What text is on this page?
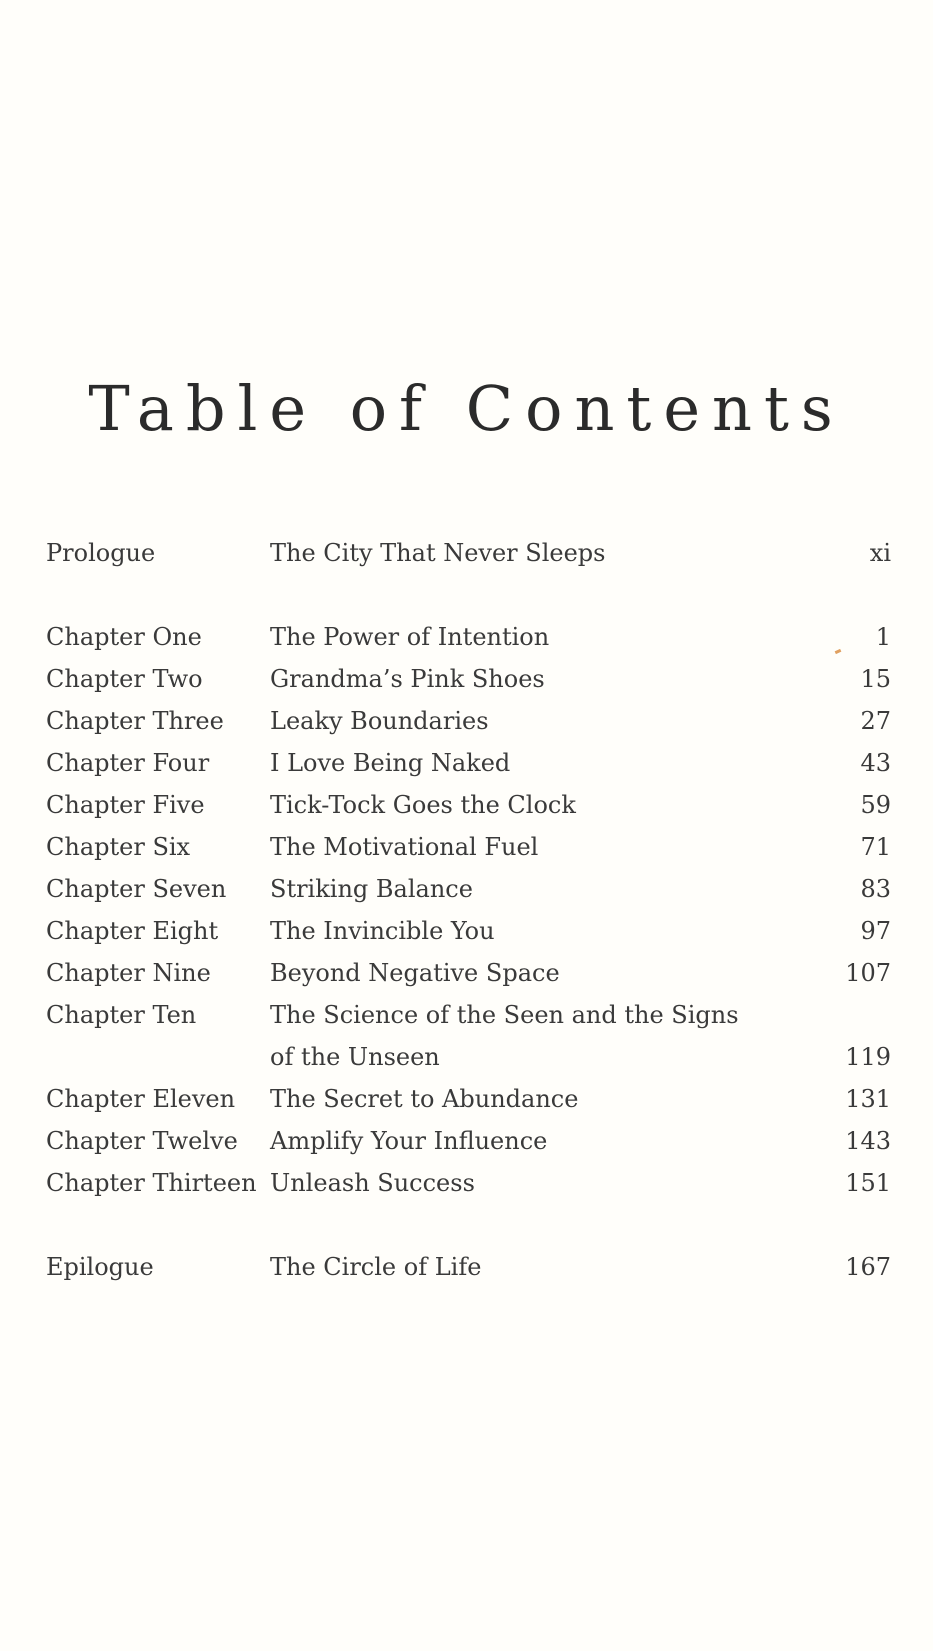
Table of Contents
Prologue	The City That Never Sleeps	xi
Chapter One	The Power of Intention	1
Chapter Two	Grandma’s Pink Shoes	15
Chapter Three Leaky Boundaries	27
Chapter Four	I Love Being Naked	43
Chapter Five	Tick-Tock Goes the Clock	59
Chapter Six	The Motivational Fuel	71
Chapter Seven Striking Balance	83
Chapter Eight The Invincible You	97
Chapter Nine Beyond Negative Space	107
Chapter Ten	The Science of the Seen and the Signs
of the Unseen	119
Chapter Eleven The Secret to Abundance	131
Chapter Twelve Amplify Your Influence	143
Chapter Thirteen Unleash Success	151
Epilogue	The Circle of Life	167
